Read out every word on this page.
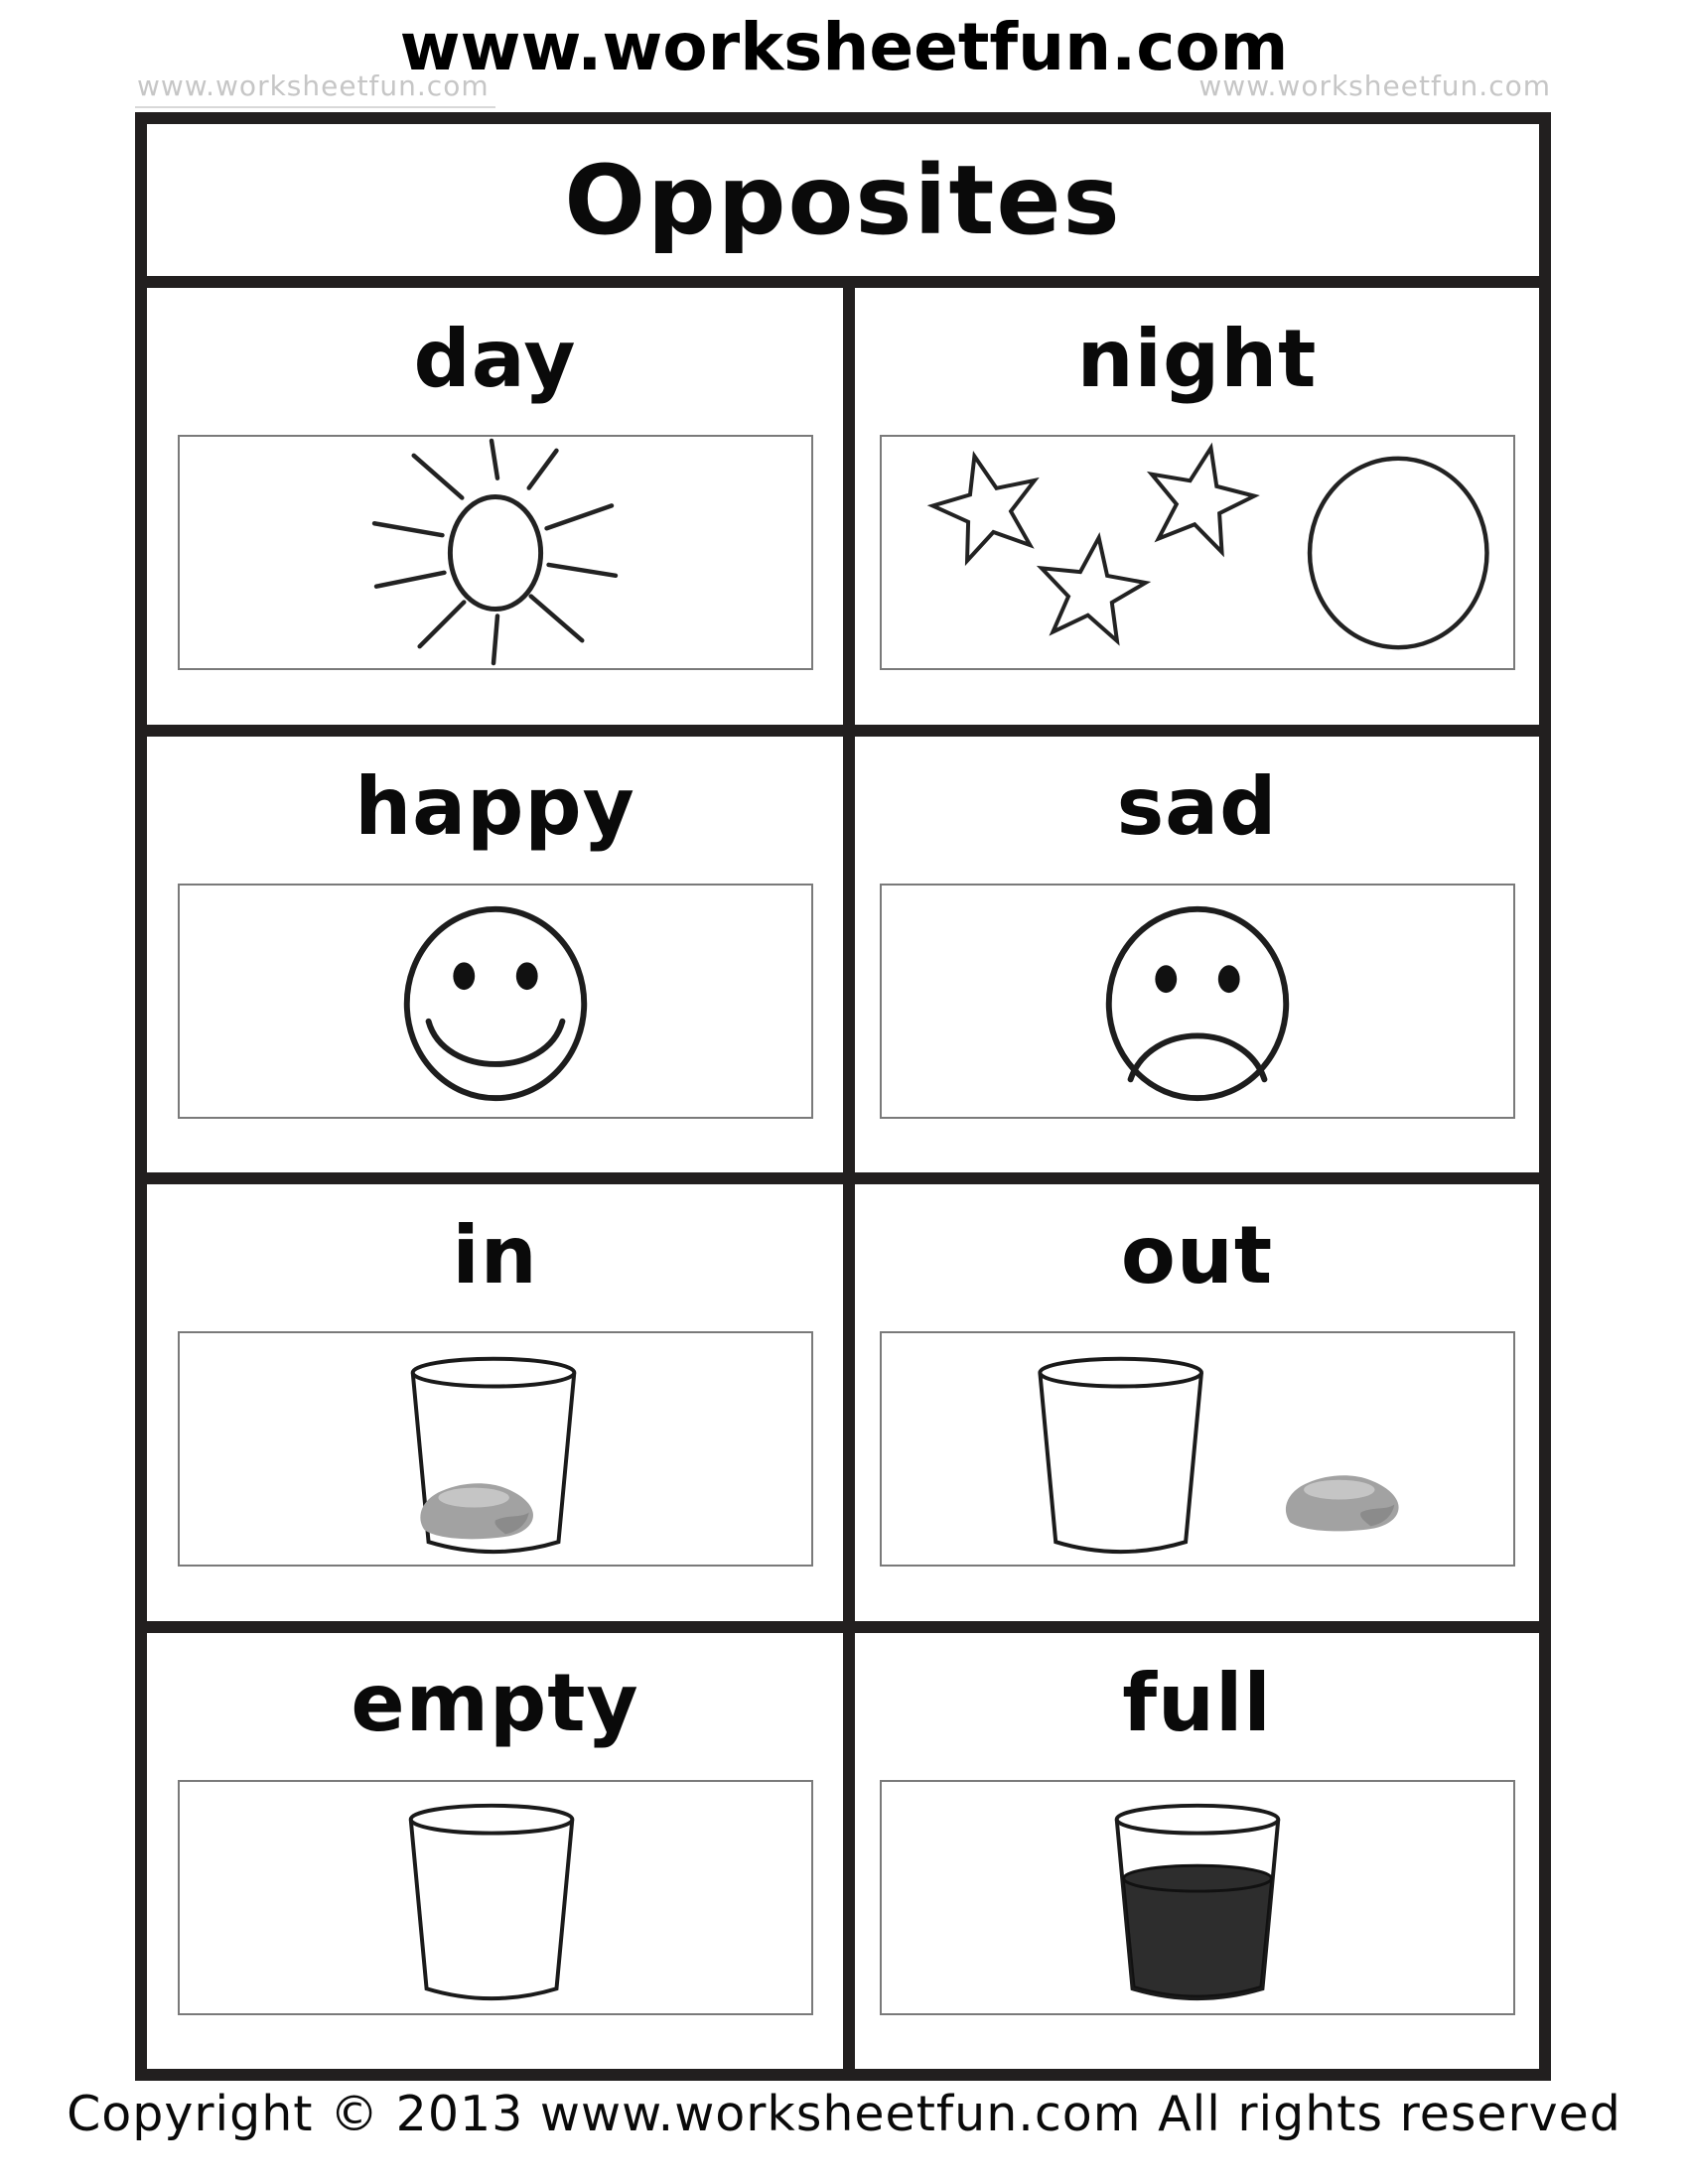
www.worksheetfun.com
www.worksheetfun.com
www.worksheetfun.com
Opposites
day	night
happy	sad
in	out
empty	full
Copyright © 2013 www.worksheetfun.com All rights reserved
